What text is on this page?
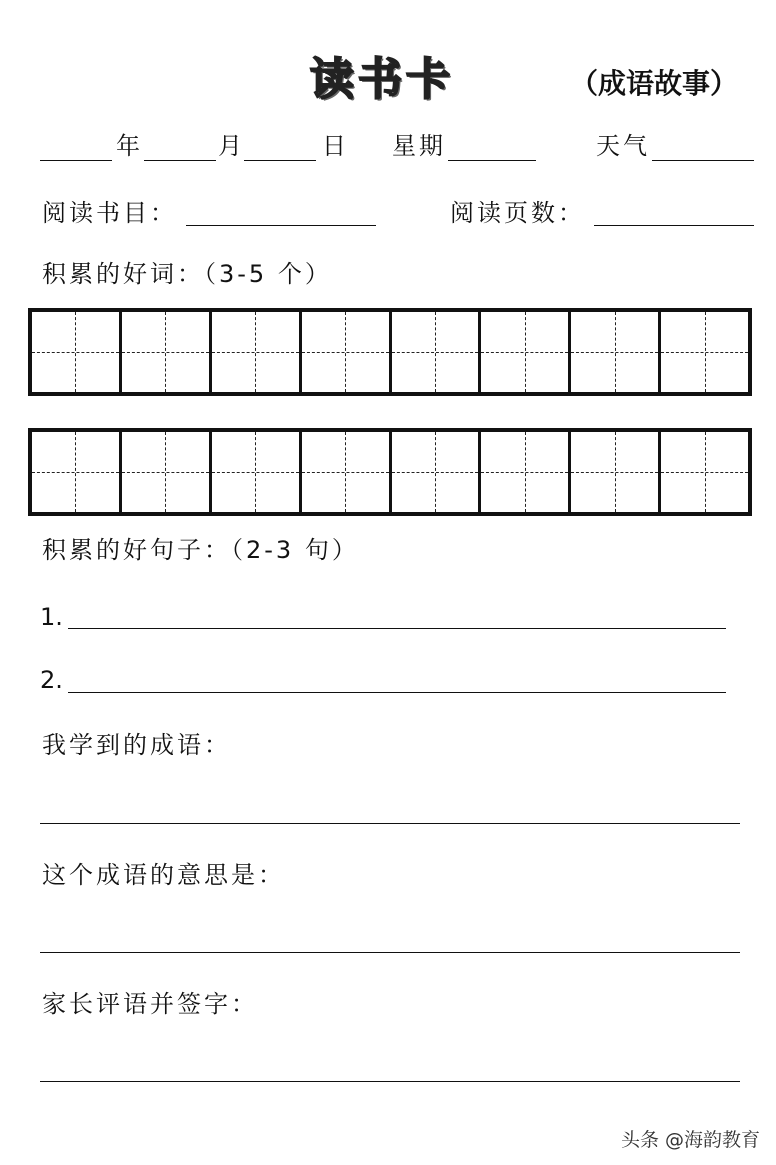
读书卡	（成语故事）
年	月	日 星期	天气
阅读书目：	阅读页数：
积累的好词：（3-5 个）
积累的好句子：（2-3 句）
1.
2.
我学到的成语：
这个成语的意思是：
家长评语并签字：
头条 @海韵教育
